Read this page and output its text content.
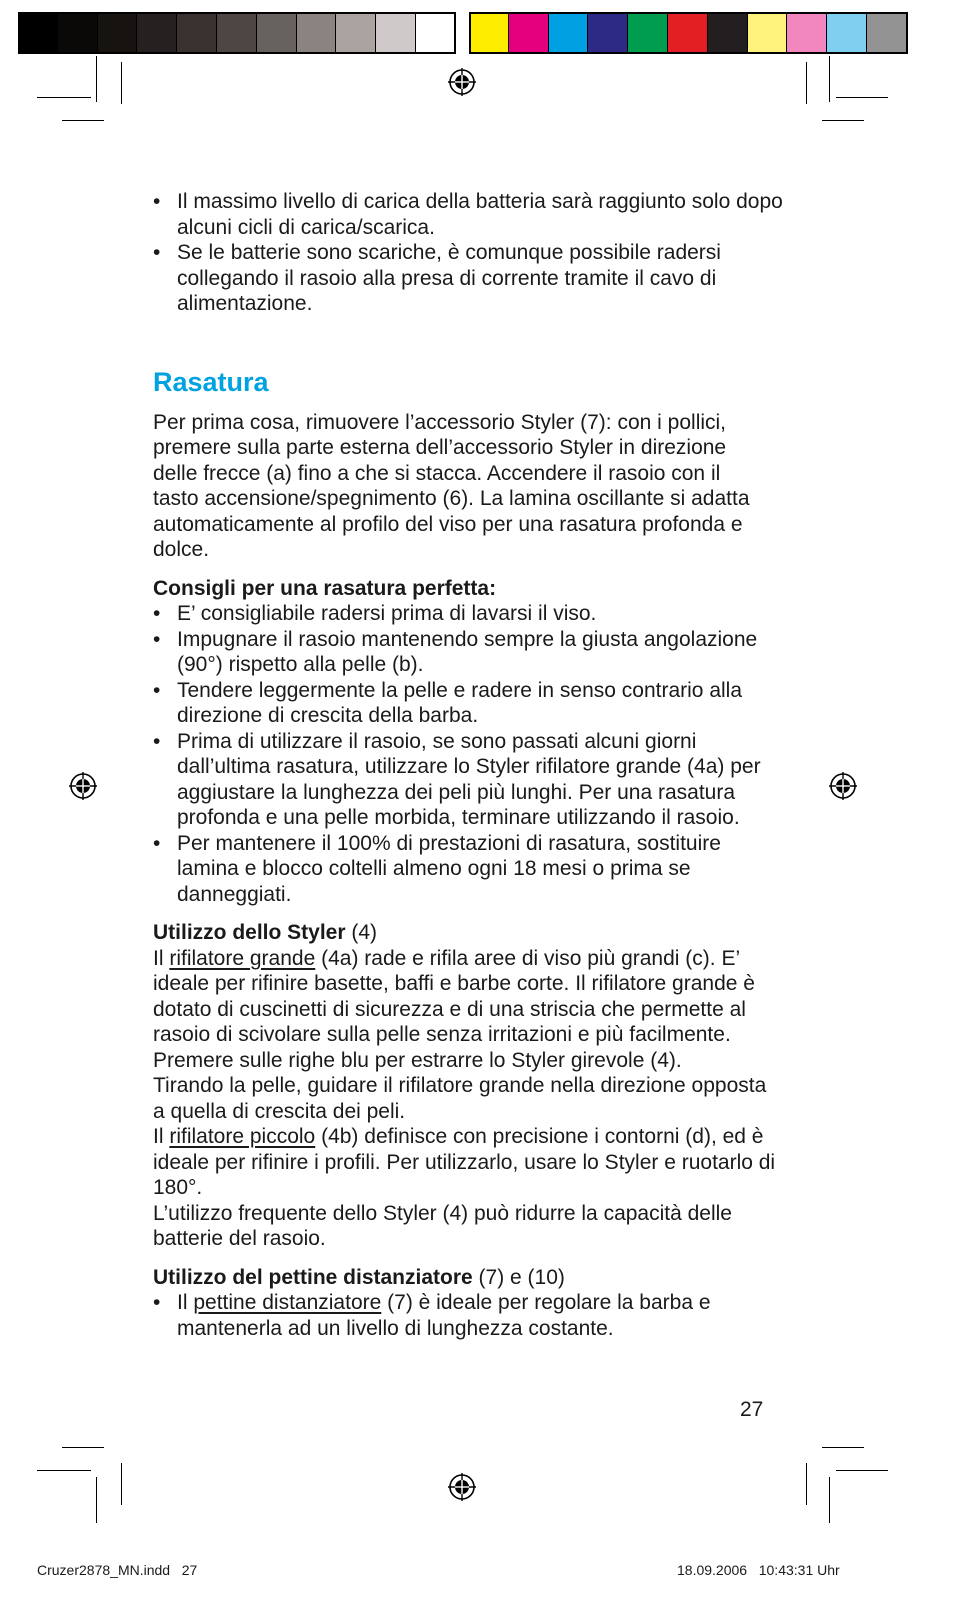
• Il massimo livello di carica della batteria sarà raggiunto solo dopo alcuni cicli di carica/scarica.
• Se le batterie sono scariche, è comunque possibile radersi collegando il rasoio alla presa di corrente tramite il cavo di alimentazione.
Rasatura

Per prima cosa, rimuovere l’accessorio Styler (7): con i pollici, premere sulla parte esterna dell’accessorio Styler in direzione delle frecce (a) fino a che si stacca. Accendere il rasoio con il tasto accensione/spegnimento (6). La lamina oscillante si adatta automaticamente al profilo del viso per una rasatura profonda e dolce.

Consigli per una rasatura perfetta:

• E’ consigliabile radersi prima di lavarsi il viso.
• Impugnare il rasoio mantenendo sempre la giusta angolazione (90°) rispetto alla pelle (b).
• Tendere leggermente la pelle e radere in senso contrario alla direzione di crescita della barba.
• Prima di utilizzare il rasoio, se sono passati alcuni giorni dall’ultima rasatura, utilizzare lo Styler rifilatore grande (4a) per aggiustare la lunghezza dei peli più lunghi. Per una rasatura profonda e una pelle morbida, terminare utilizzando il rasoio.
• Per mantenere il 100% di prestazioni di rasatura, sostituire lamina e blocco coltelli almeno ogni 18 mesi o prima se danneggiati.

Utilizzo dello Styler (4)

Il rifilatore grande (4a) rade e rifila aree di viso più grandi (c). E’ ideale per rifinire basette, baffi e barbe corte. Il rifilatore grande è dotato di cuscinetti di sicurezza e di una striscia che permette al rasoio di scivolare sulla pelle senza irritazioni e più facilmente. Premere sulle righe blu per estrarre lo Styler girevole (4).

Tirando la pelle, guidare il rifilatore grande nella direzione opposta a quella di crescita dei peli.

Il rifilatore piccolo (4b) definisce con precisione i contorni (d), ed è ideale per rifinire i profili. Per utilizzarlo, usare lo Styler e ruotarlo di 180°.

L’utilizzo frequente dello Styler (4) può ridurre la capacità delle batterie del rasoio.

Utilizzo del pettine distanziatore (7) e (10)

• Il pettine distanziatore (7) è ideale per regolare la barba e mantenerla ad un livello di lunghezza costante.
27
Cruzer2878_MN.indd   27	18.09.2006   10:43:31 Uhr
